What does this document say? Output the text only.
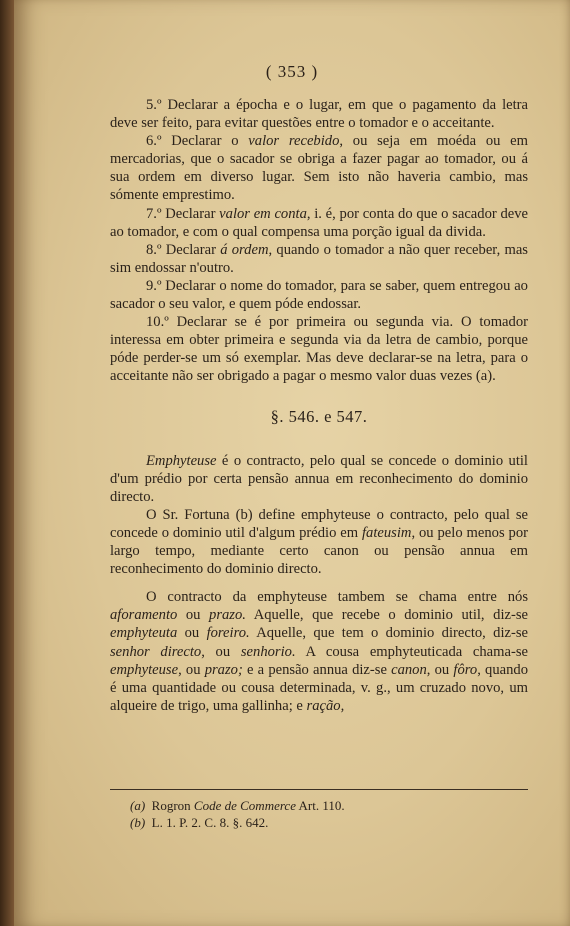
( 353 )

5.º Declarar a épocha e o lugar, em que o pagamento da letra deve ser feito, para evitar questões entre o tomador e o acceitante.

6.º Declarar o valor recebido, ou seja em moéda ou em mercadorias, que o sacador se obriga a fazer pagar ao tomador, ou á sua ordem em diverso lugar. Sem isto não haveria cambio, mas sómente emprestimo.

7.º Declarar valor em conta, i. é, por conta do que o sacador deve ao tomador, e com o qual compensa uma porção igual da divida.

8.º Declarar á ordem, quando o tomador a não quer receber, mas sim endossar n'outro.

9.º Declarar o nome do tomador, para se saber, quem entregou ao sacador o seu valor, e quem póde endossar.

10.º Declarar se é por primeira ou segunda via. O tomador interessa em obter primeira e segunda via da letra de cambio, porque póde perder-se um só exemplar. Mas deve declarar-se na letra, para o acceitante não ser obrigado a pagar o mesmo valor duas vezes (a).

§. 546. e 547.

Emphyteuse é o contracto, pelo qual se concede o dominio util d'um prédio por certa pensão annua em reconhecimento do dominio directo.

O Sr. Fortuna (b) define emphyteuse o contracto, pelo qual se concede o dominio util d'algum prédio em fateusim, ou pelo menos por largo tempo, mediante certo canon ou pensão annua em reconhecimento do dominio directo.

O contracto da emphyteuse tambem se chama entre nós aforamento ou prazo. Aquelle, que recebe o dominio util, diz-se emphyteuta ou foreiro. Aquelle, que tem o dominio directo, diz-se senhor directo, ou senhorio. A cousa emphyteuticada chama-se emphyteuse, ou prazo; e a pensão annua diz-se canon, ou fôro, quando é uma quantidade ou cousa determinada, v. g., um cruzado novo, um alqueire de trigo, uma gallinha; e ração,

(a) Rogron Code de Commerce Art. 110.
(b) L. 1. P. 2. C. 8. §. 642.
